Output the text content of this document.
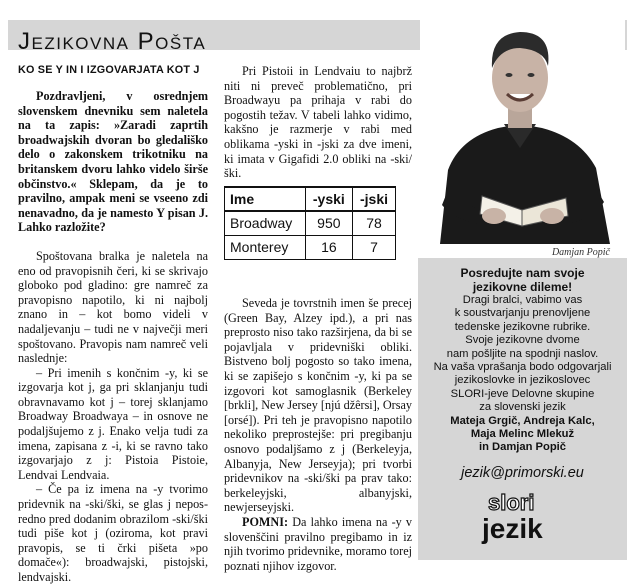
Jezikovna Pošta
KO SE Y IN I IZGOVARJATA KOT J
Pozdravljeni, v osrednjem slovenskem dnevniku sem naletela na ta zapis: »Zaradi zaprtih broadwajskih dvoran bo gledališko delo o zakonskem trikotniku na britanskem dvoru lahko videlo širše občinstvo.« Sklepam, da je to pravilno, ampak meni se vseeno zdi nenavadno, da je namesto Y pisan J. Lahko razložite?
Spoštovana bralka je naletela na eno od pravopisnih čeri, ki se skrivajo globoko pod gladino: gre namreč za pravopisno napotilo, ki ni najbolj znano in – kot bomo videli v nadaljevanju – tudi ne v največji meri spoštovano. Pravopis nam namreč veli naslednje:
– Pri imenih s končnim -y, ki se izgovarja kot j, ga pri sklanjanju tudi obravnavamo kot j – torej sklanjamo Broadway Broadwaya – in osnove ne podaljšujemo z j. Enako velja tudi za imena, zapisana z -i, ki se ravno tako izgovarjajo z j: Pistoia Pistoie, Lendvai Lendvaia.
– Če pa iz imena na -y tvorimo pridevnik na -ski/ški, se glas j neposredno pred dodanim obrazilom -ski/ški tudi piše kot j (oziroma, kot pravi pravopis, se ti črki pišeta »po domače«): broadwajski, pistojski, lendvajski.
Pri Pistoii in Lendvaiu to najbrž niti ni preveč problematično, pri Broadwayu pa prihaja v rabi do pogostih težav. V tabeli lahko vidimo, kakšno je razmerje v rabi med oblikama -yski in -jski za dve imeni, ki imata v Gigafidi 2.0 obliki na -ski/ški.
Ime	-yski	-jski
Broadway	950	78
Monterey	16	7
Seveda je tovrstnih imen še precej (Green Bay, Alzey ipd.), a pri nas preprosto niso tako razširjena, da bi se pojavljala v pridevniški obliki. Bistveno bolj pogosto so tako imena, ki se zapišejo s končnim -y, ki pa se izgovori kot samoglasnik (Berkeley [brkli], New Jersey [njú džêrsi], Orsay [orsé]). Pri teh je pravopisno napotilo nekoliko preprostejše: pri pregibanju osnovo podaljšamo z j (Berkeleyja, Albanyja, New Jerseyja); pri tvorbi pridevnikov na -ski/ški pa prav tako: berkeleyjski, albanyjski, newjerseyjski.
POMNI: Da lahko imena na -y v slovenščini pravilno pregibamo in iz njih tvorimo pridevnike, moramo torej poznati njihov izgovor.
Damjan Popič
Posredujte nam svoje
jezikovne dileme!
Dragi bralci, vabimo vas
k soustvarjanju prenovljene
tedenske jezikovne rubrike.
Svoje jezikovne dvome
nam pošljite na spodnji naslov.
Na vaša vprašanja bodo odgovarjali
jezikoslovke in jezikoslovec
SLORI-jeve Delovne skupine
za slovenski jezik
Mateja Grgič, Andreja Kalc,
Maja Melinc Mlekuž
in Damjan Popič
jezik@primorski.eu
slori
jezik
